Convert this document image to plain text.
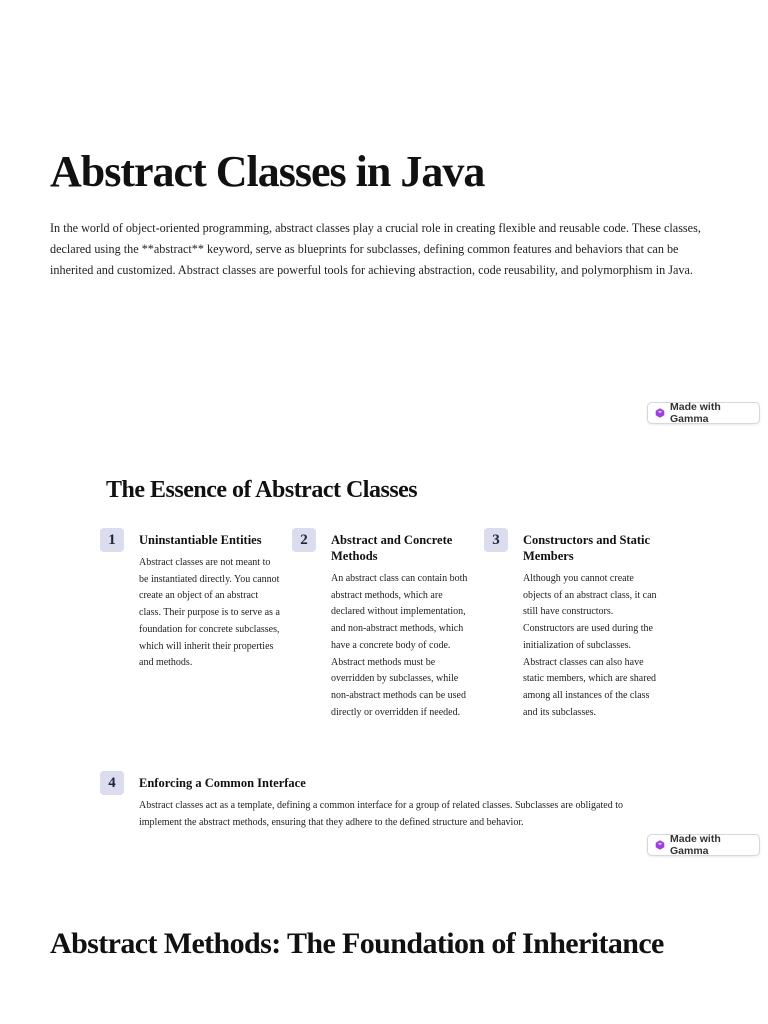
Abstract Classes in Java

In the world of object-oriented programming, abstract classes play a crucial role in creating flexible and reusable code. These classes, declared using the **abstract** keyword, serve as blueprints for subclasses, defining common features and behaviors that can be inherited and customized. Abstract classes are powerful tools for achieving abstraction, code reusability, and polymorphism in Java.

Made with Gamma
The Essence of Abstract Classes
1	Uninstantiable Entities

Abstract classes are not meant to be instantiated directly. You cannot create an object of an abstract class. Their purpose is to serve as a foundation for concrete subclasses, which will inherit their properties and methods.

2	Abstract and Concrete Methods

An abstract class can contain both abstract methods, which are declared without implementation, and non-abstract methods, which have a concrete body of code. Abstract methods must be overridden by subclasses, while non-abstract methods can be used directly or overridden if needed.

3	Constructors and Static Members

Although you cannot create objects of an abstract class, it can still have constructors. Constructors are used during the initialization of subclasses. Abstract classes can also have static members, which are shared among all instances of the class and its subclasses.

4	Enforcing a Common Interface

Abstract classes act as a template, defining a common interface for a group of related classes. Subclasses are obligated to implement the abstract methods, ensuring that they adhere to the defined structure and behavior.

Made with Gamma
Abstract Methods: The Foundation of Inheritance
